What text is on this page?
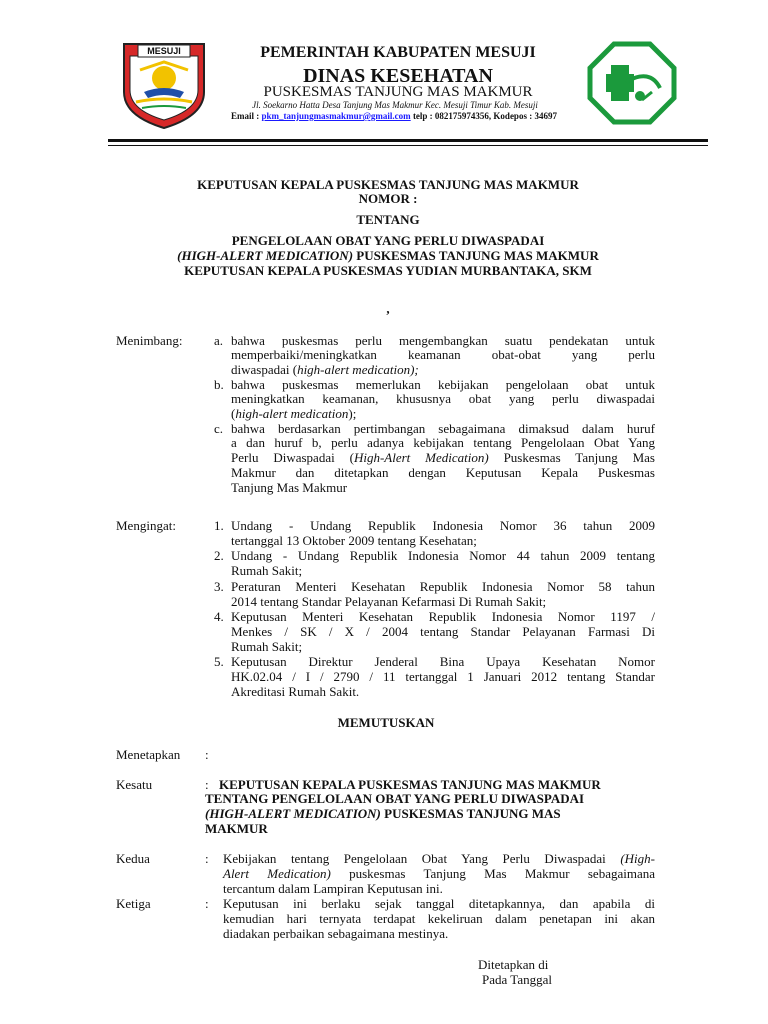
MESUJI	PEMERINTAH KABUPATEN MESUJI
DINAS KESEHATAN
PUSKESMAS TANJUNG MAS MAKMUR
Jl. Soekarno Hatta Desa Tanjung Mas Makmur Kec. Mesuji Timur Kab. Mesuji
Email : pkm_tanjungmasmakmur@gmail.com telp : 082175974356, Kodepos : 34697
KEPUTUSAN KEPALA PUSKESMAS TANJUNG MAS MAKMUR
NOMOR :
TENTANG
PENGELOLAAN OBAT YANG PERLU DIWASPADAI
(HIGH-ALERT MEDICATION) PUSKESMAS TANJUNG MAS MAKMUR
KEPUTUSAN KEPALA PUSKESMAS YUDIAN MURBANTAKA, SKM
,
Menimbang: a. bahwa puskesmas perlu mengembangkan suatu pendekatan untuk
memperbaiki/meningkatkan keamanan obat-obat yang perlu
diwaspadai (high-alert medication);
b. bahwa puskesmas memerlukan kebijakan pengelolaan obat untuk
meningkatkan keamanan, khususnya obat yang perlu diwaspadai
(high-alert medication);
c. bahwa berdasarkan pertimbangan sebagaimana dimaksud dalam huruf
a dan huruf b, perlu adanya kebijakan tentang Pengelolaan Obat Yang
Perlu Diwaspadai (High-Alert Medication) Puskesmas Tanjung Mas
Makmur dan ditetapkan dengan Keputusan Kepala Puskesmas
Tanjung Mas Makmur
Mengingat:	1. Undang - Undang Republik Indonesia Nomor 36 tahun 2009
tertanggal 13 Oktober 2009 tentang Kesehatan;
2. Undang - Undang Republik Indonesia Nomor 44 tahun 2009 tentang
Rumah Sakit;
3. Peraturan Menteri Kesehatan Republik Indonesia Nomor 58 tahun
2014 tentang Standar Pelayanan Kefarmasi Di Rumah Sakit;
4. Keputusan Menteri Kesehatan Republik Indonesia Nomor 1197 /
Menkes / SK / X / 2004 tentang Standar Pelayanan Farmasi Di
Rumah Sakit;
5. Keputusan Direktur Jenderal Bina Upaya Kesehatan Nomor
HK.02.04 / I / 2790 / 11 tertanggal 1 Januari 2012 tentang Standar
Akreditasi Rumah Sakit.
MEMUTUSKAN
Menetapkan :
Kesatu	: KEPUTUSAN KEPALA PUSKESMAS TANJUNG MAS MAKMUR
TENTANG PENGELOLAAN OBAT YANG PERLU DIWASPADAI
(HIGH-ALERT MEDICATION) PUSKESMAS TANJUNG MAS
MAKMUR
Kedua	: Kebijakan tentang Pengelolaan Obat Yang Perlu Diwaspadai (High-
Alert Medication) puskesmas Tanjung Mas Makmur sebagaimana
tercantum dalam Lampiran Keputusan ini.
Ketiga	: Keputusan ini berlaku sejak tanggal ditetapkannya, dan apabila di
kemudian hari ternyata terdapat kekeliruan dalam penetapan ini akan
diadakan perbaikan sebagaimana mestinya.
Ditetapkan di
Pada Tanggal
